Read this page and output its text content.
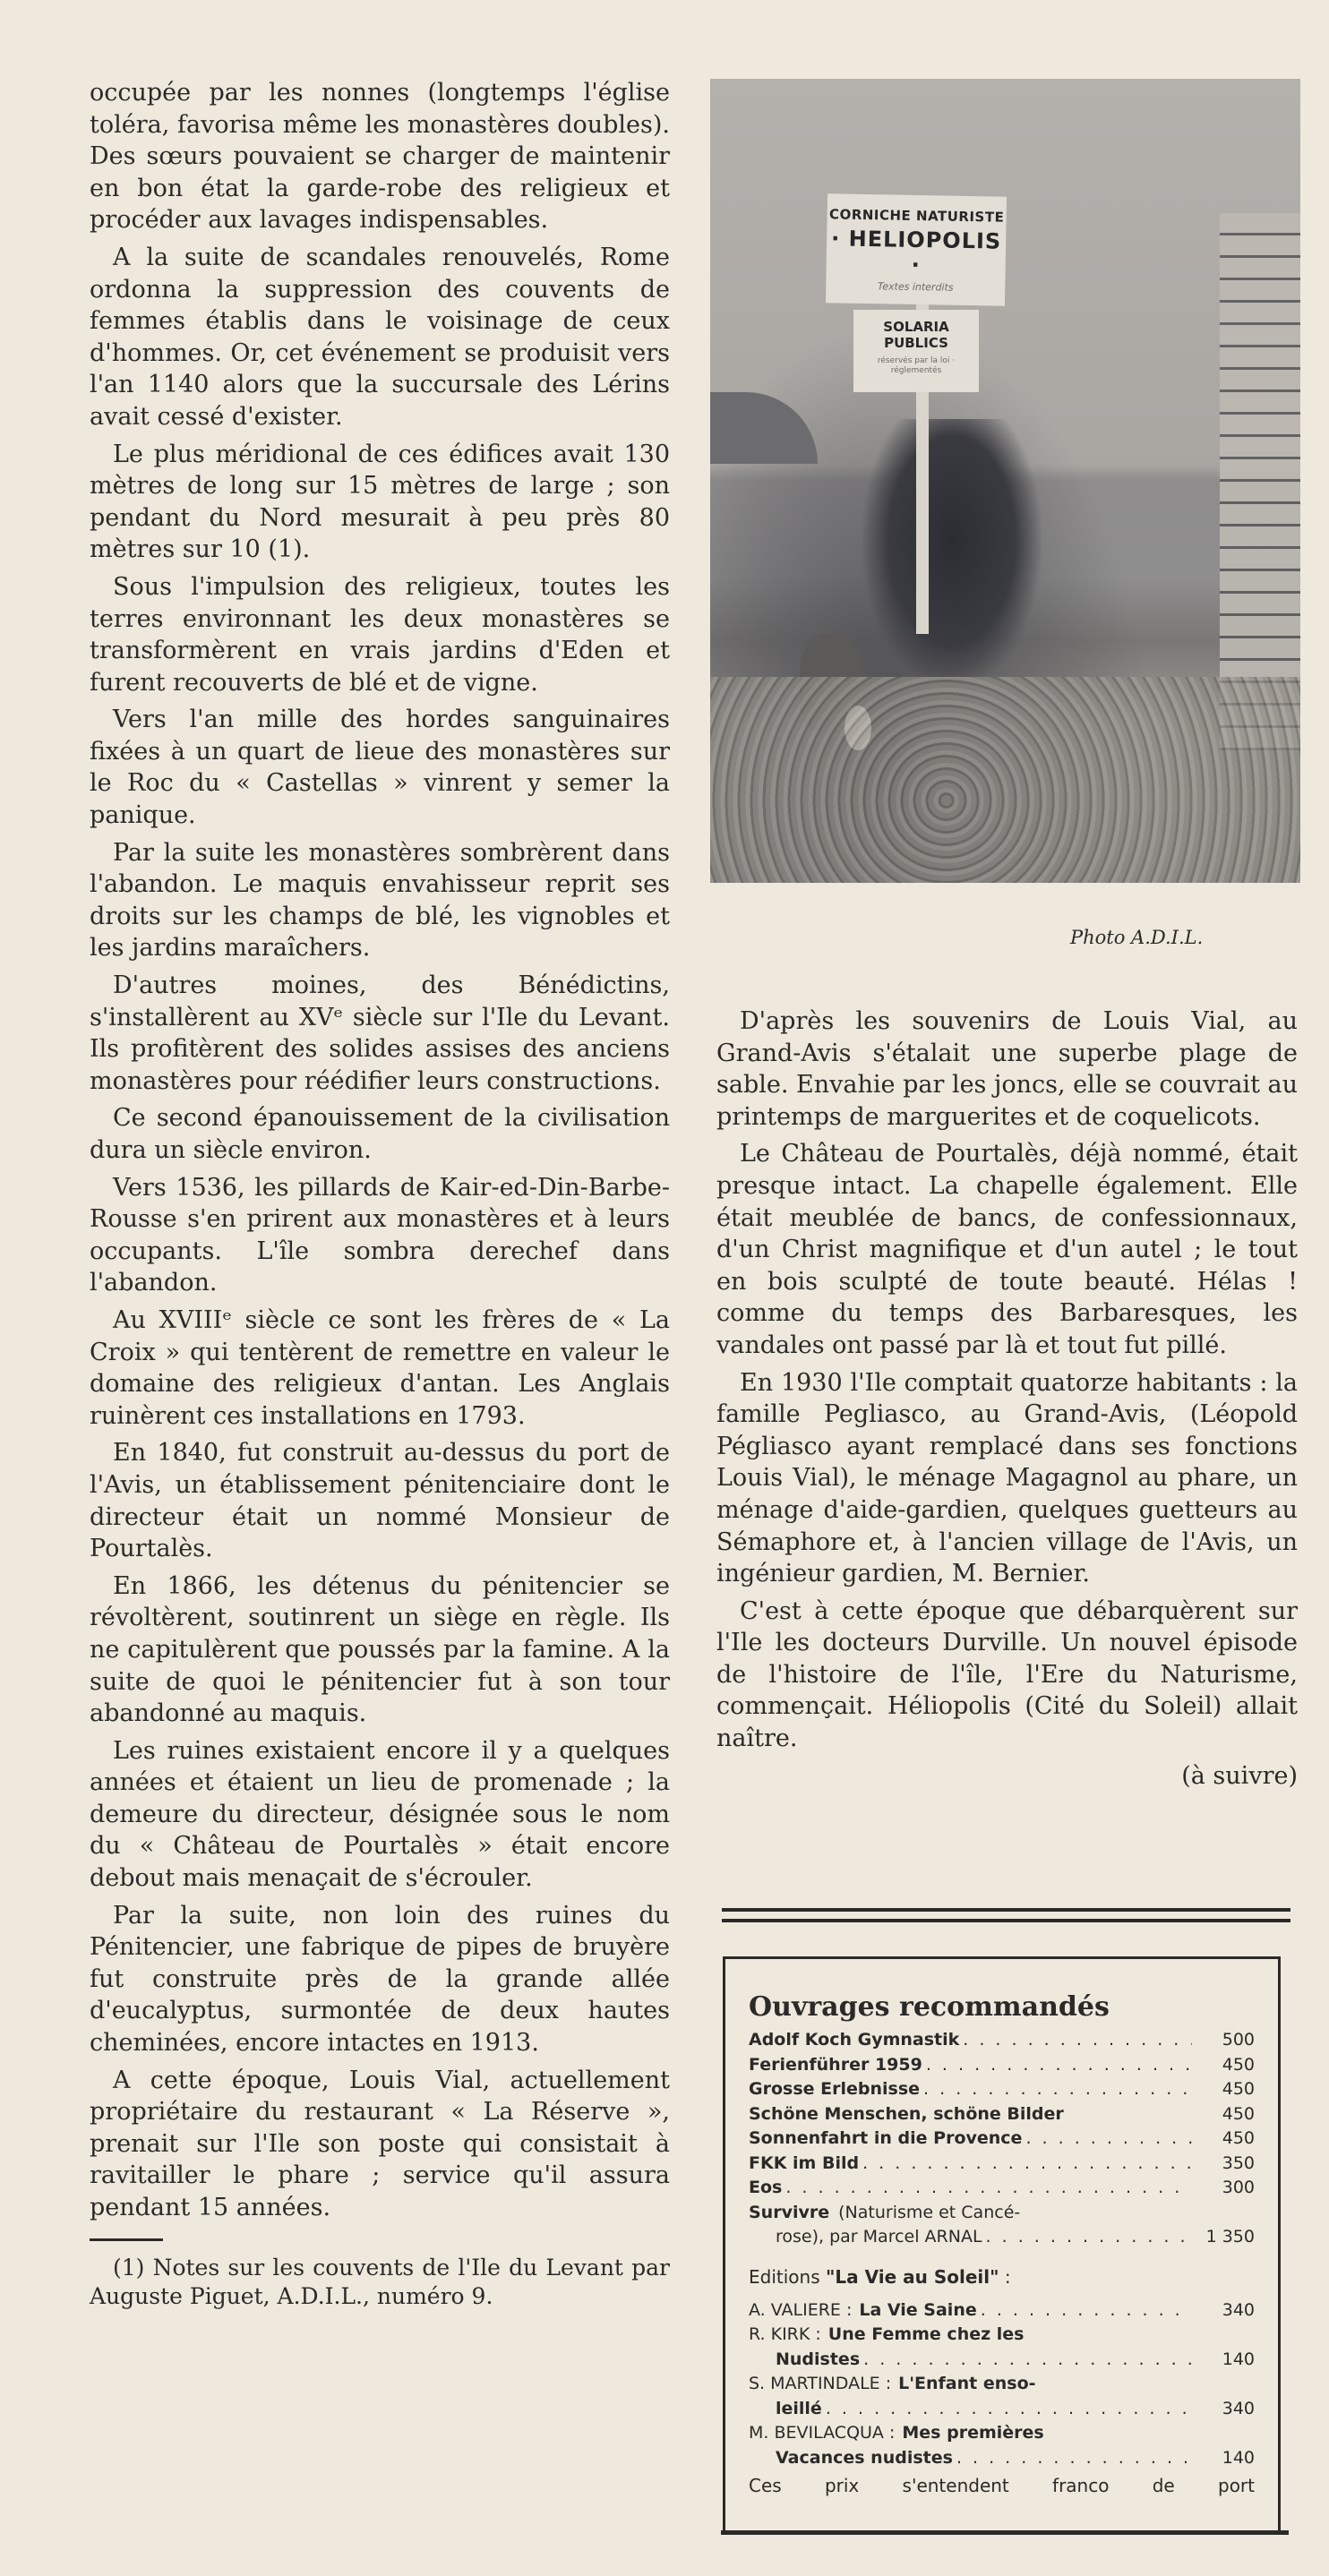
occupée par les nonnes (longtemps l'église toléra, favorisa même les monastères doubles). Des sœurs pouvaient se charger de maintenir en bon état la garde-robe des religieux et procéder aux lavages indispensables.

A la suite de scandales renouvelés, Rome ordonna la suppression des couvents de femmes établis dans le voisinage de ceux d'hommes. Or, cet événement se produisit vers l'an 1140 alors que la succursale des Lérins avait cessé d'exister.

Le plus méridional de ces édifices avait 130 mètres de long sur 15 mètres de large ; son pendant du Nord mesurait à peu près 80 mètres sur 10 (1).

Sous l'impulsion des religieux, toutes les terres environnant les deux monastères se transformèrent en vrais jardins d'Eden et furent recouverts de blé et de vigne.

Vers l'an mille des hordes sanguinaires fixées à un quart de lieue des monastères sur le Roc du « Castellas » vinrent y semer la panique.

Par la suite les monastères sombrèrent dans l'abandon. Le maquis envahisseur reprit ses droits sur les champs de blé, les vignobles et les jardins maraîchers.

D'autres moines, des Bénédictins, s'installèrent au XVᵉ siècle sur l'Ile du Levant. Ils profitèrent des solides assises des anciens monastères pour réédifier leurs constructions.

Ce second épanouissement de la civilisation dura un siècle environ.

Vers 1536, les pillards de Kair-ed-Din-Barbe-Rousse s'en prirent aux monastères et à leurs occupants. L'île sombra derechef dans l'abandon.

Au XVIIIᵉ siècle ce sont les frères de « La Croix » qui tentèrent de remettre en valeur le domaine des religieux d'antan. Les Anglais ruinèrent ces installations en 1793.

En 1840, fut construit au-dessus du port de l'Avis, un établissement pénitenciaire dont le directeur était un nommé Monsieur de Pourtalès.

En 1866, les détenus du pénitencier se révoltèrent, soutinrent un siège en règle. Ils ne capitulèrent que poussés par la famine. A la suite de quoi le pénitencier fut à son tour abandonné au maquis.

Les ruines existaient encore il y a quelques années et étaient un lieu de promenade ; la demeure du directeur, désignée sous le nom du « Château de Pourtalès » était encore debout mais menaçait de s'écrouler.

Par la suite, non loin des ruines du Pénitencier, une fabrique de pipes de bruyère fut construite près de la grande allée d'eucalyptus, surmontée de deux hautes cheminées, encore intactes en 1913.

A cette époque, Louis Vial, actuellement propriétaire du restaurant « La Réserve », prenait sur l'Ile son poste qui consistait à ravitailler le phare ; service qu'il assura pendant 15 années.

(1) Notes sur les couvents de l'Ile du Levant par Auguste Piguet, A.D.I.L., numéro 9.

CORNICHE NATURISTE
· HELIOPOLIS ·
Textes interdits
SOLARIA PUBLICS
réservés par la loi · réglementés
Photo A.D.I.L.

D'après les souvenirs de Louis Vial, au Grand-Avis s'étalait une superbe plage de sable. Envahie par les joncs, elle se couvrait au printemps de marguerites et de coquelicots.

Le Château de Pourtalès, déjà nommé, était presque intact. La chapelle également. Elle était meublée de bancs, de confessionnaux, d'un Christ magnifique et d'un autel ; le tout en bois sculpté de toute beauté. Hélas ! comme du temps des Barbaresques, les vandales ont passé par là et tout fut pillé.

En 1930 l'Ile comptait quatorze habitants : la famille Pegliasco, au Grand-Avis, (Léopold Pégliasco ayant remplacé dans ses fonctions Louis Vial), le ménage Magagnol au phare, un ménage d'aide-gardien, quelques guetteurs au Sémaphore et, à l'ancien village de l'Avis, un ingénieur gardien, M. Bernier.

C'est à cette époque que débarquèrent sur l'Ile les docteurs Durville. Un nouvel épisode de l'histoire de l'île, l'Ere du Naturisme, commençait. Héliopolis (Cité du Soleil) allait naître.

(à suivre)
Ouvrages recommandés
Adolf Koch Gymnastik . . .	500
Ferienführer 1959 . . .	450
Grosse Erlebnisse . . .	450
Schöne Menschen, schöne Bilder	450
Sonnenfahrt in die Provence . . .	450
FKK im Bild . . .	350
Eos . . .	300
Survivre (Naturisme et Cancé-
rose), par Marcel ARNAL . . .	1 350
Editions "La Vie au Soleil" :
A. VALIERE : La Vie Saine . . .	340
R. KIRK : Une Femme chez les
Nudistes . . .	140
S. MARTINDALE : L'Enfant enso-
leillé . . .	340
M. BEVILACQUA : Mes premières
Vacances nudistes . . .	140
Ces prix s'entendent franco de port
